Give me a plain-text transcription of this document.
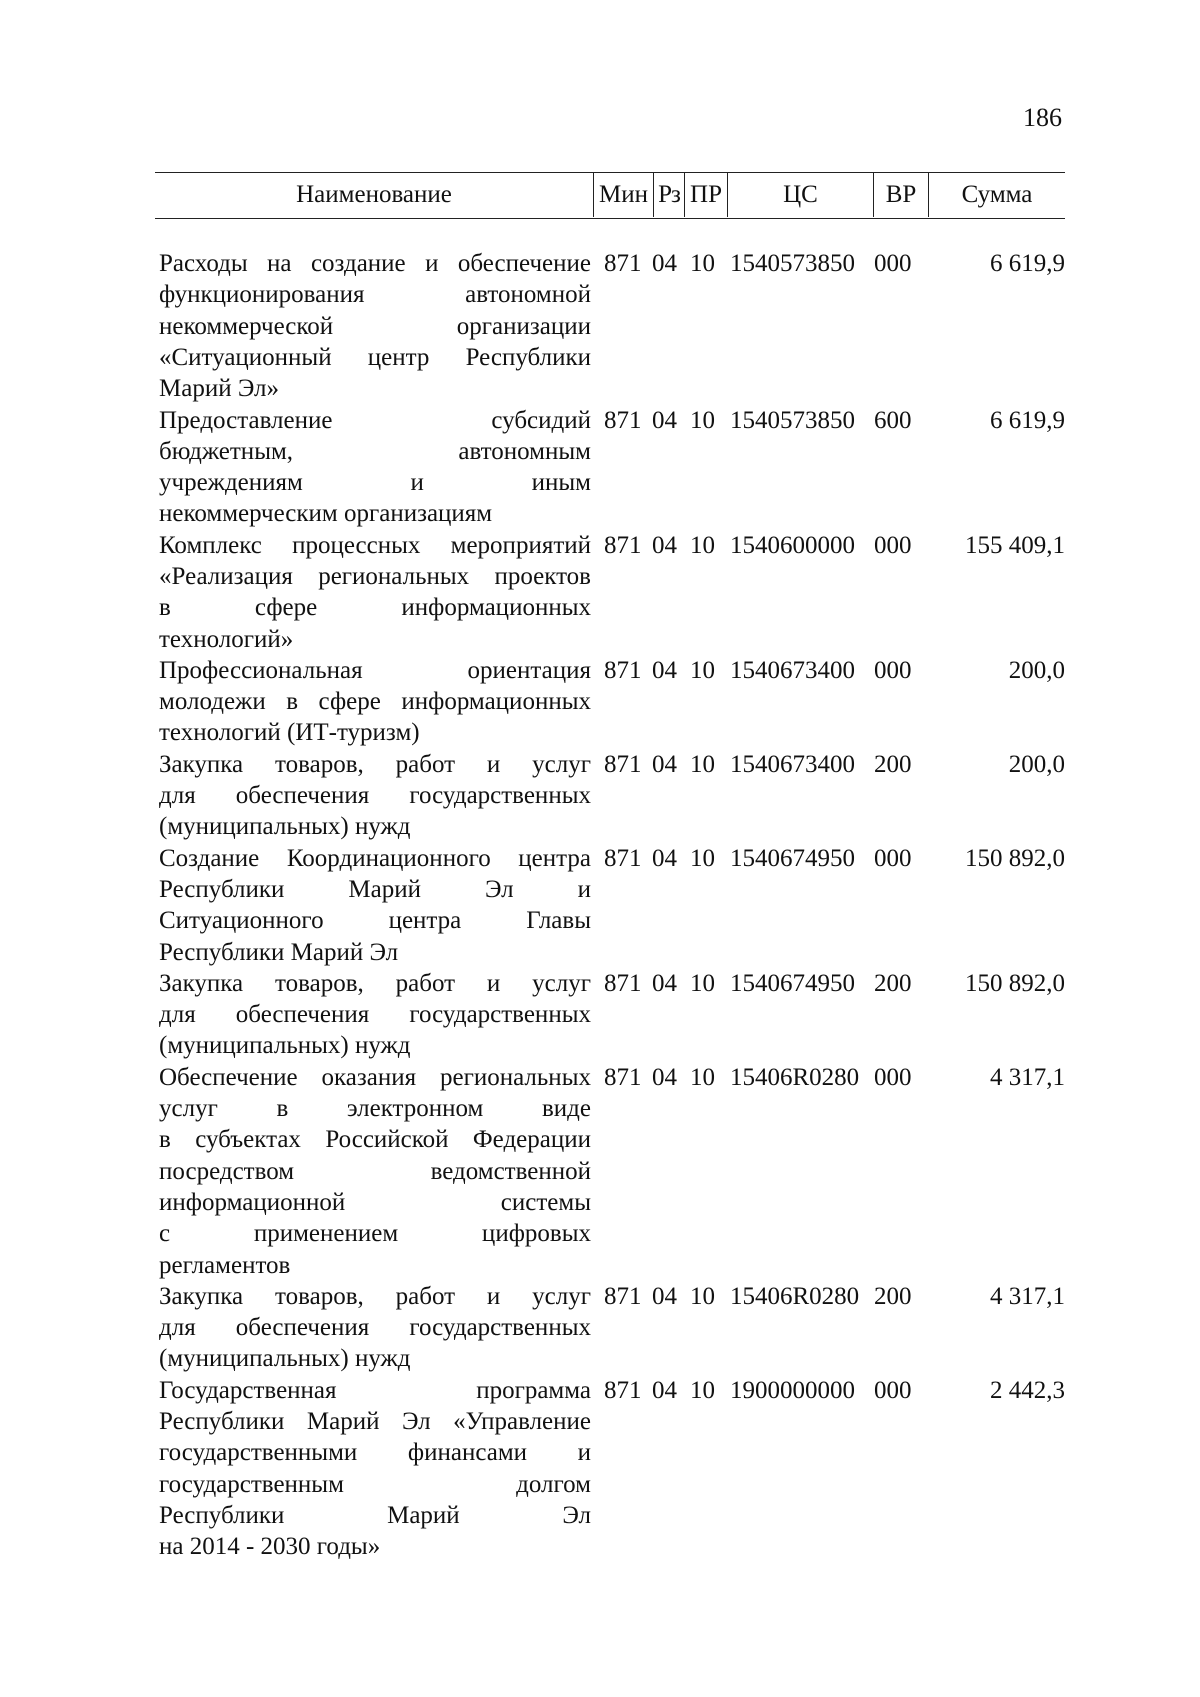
186
Наименование	Мин Рз ПР	ЦС	ВР	Сумма
Расходы на создание и обеспечение
функционирования автономной
некоммерческой организации
«Ситуационный центр Республики
Марий Эл»
871 04 10 1540573850 000	6 619,9
Предоставление субсидий
бюджетным, автономным
учреждениям и иным
некоммерческим организациям
871 04 10 1540573850 600	6 619,9
Комплекс процессных мероприятий
«Реализация региональных проектов
в сфере информационных
технологий»
871 04 10 1540600000 000	155 409,1
Профессиональная ориентация
молодежи в сфере информационных
технологий (ИТ-туризм)
871 04 10 1540673400 000	200,0
Закупка товаров, работ и услуг
для обеспечения государственных
(муниципальных) нужд
871 04 10 1540673400 200	200,0
Создание Координационного центра
Республики Марий Эл и
Ситуационного центра Главы
Республики Марий Эл
871 04 10 1540674950 000	150 892,0
Закупка товаров, работ и услуг
для обеспечения государственных
(муниципальных) нужд
871 04 10 1540674950 200	150 892,0
Обеспечение оказания региональных
услуг в электронном виде
в субъектах Российской Федерации
посредством ведомственной
информационной системы
с применением цифровых
регламентов
871 04 10 15406R0280 000	4 317,1
Закупка товаров, работ и услуг
для обеспечения государственных
(муниципальных) нужд
871 04 10 15406R0280 200	4 317,1
Государственная программа
Республики Марий Эл «Управление
государственными финансами и
государственным долгом
Республики Марий Эл
на 2014 - 2030 годы»
871 04 10 1900000000 000	2 442,3
